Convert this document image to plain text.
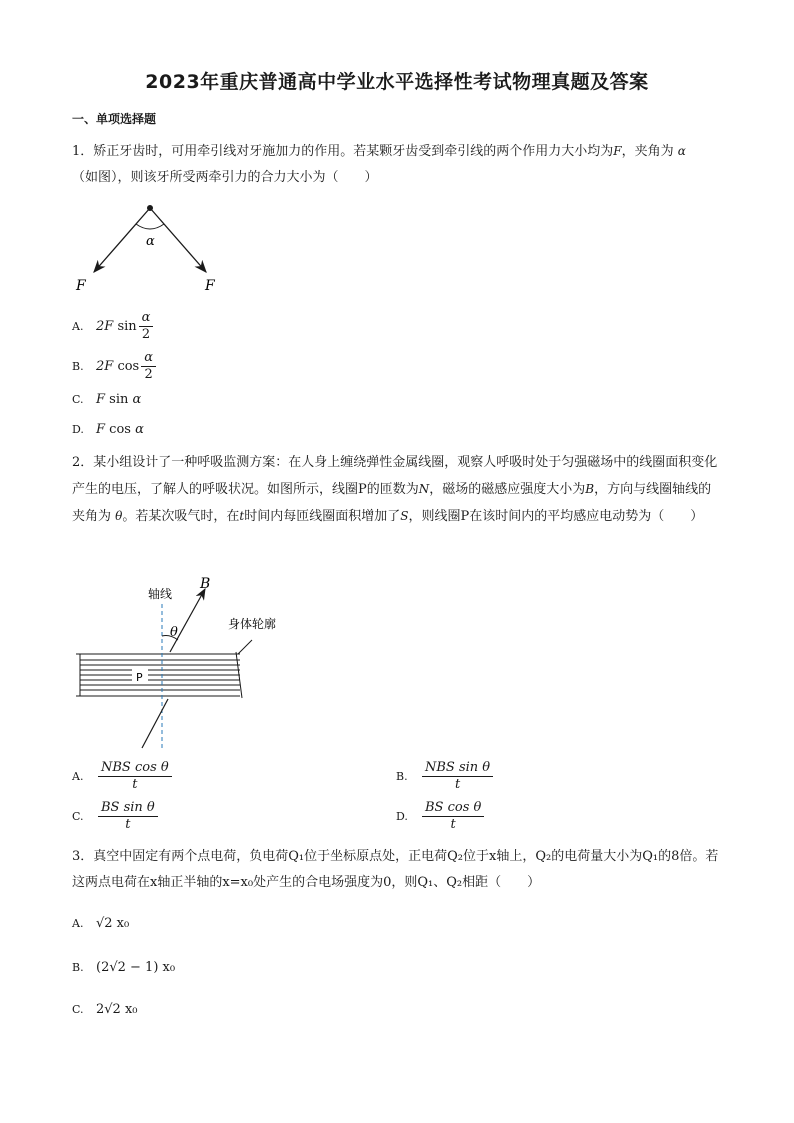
2023年重庆普通高中学业水平选择性考试物理真题及答案

一、单项选择题

1．矫正牙齿时，可用牵引线对牙施加力的作用。若某颗牙齿受到牵引线的两个作用力大小均为F，夹角为 α
（如图），则该牙所受两牵引力的合力大小为（　　）

α
F	F
A. 2F $\sin \frac{\alpha}{2}$
B. 2F $\cos \frac{\alpha}{2}$
C. F sin α
D. F cos α

2．某小组设计了一种呼吸监测方案：在人身上缠绕弹性金属线圈，观察人呼吸时处于匀强磁场中的线圈面积变化产生的电压，了解人的呼吸状况。如图所示，线圈P的匝数为N，磁场的磁感应强度大小为B，方向与线圈轴线的夹角为 θ。若某次吸气时，在t时间内每匝线圈面积增加了S，则线圈P在该时间内的平均感应电动势为（　　）

B
轴线
θ
身体轮廓
P
A.	$\frac{\text{NBS cos θ}}{t}$	B.	$\frac{\text{NBS sin θ}}{t}$
C.	$\frac{\text{BS sin θ}}{t}$	D.	$\frac{\text{BS cos θ}}{t}$

3．真空中固定有两个点电荷，负电荷Q₁位于坐标原点处，正电荷Q₂位于x轴上，Q₂的电荷量大小为Q₁的8倍。若这两点电荷在x轴正半轴的x=x₀处产生的合电场强度为0，则Q₁、Q₂相距（　　）

A. √2 x₀
B. (2√2 − 1) x₀
C. 2√2 x₀
